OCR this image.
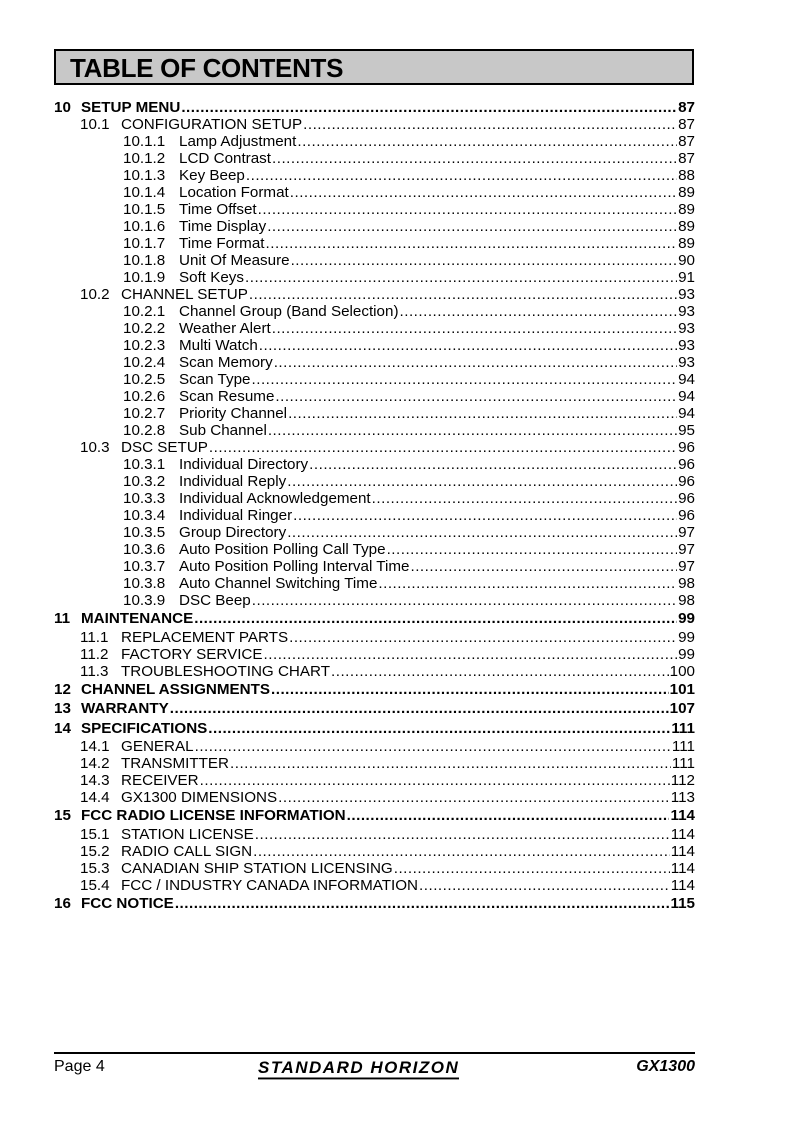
TABLE OF CONTENTS
10 SETUP MENU .....	87
10.1 CONFIGURATION SETUP .....	87
10.1.1 Lamp Adjustment .....	87
10.1.2 LCD Contrast .....	87
10.1.3 Key Beep .....	88
10.1.4 Location Format .....	89
10.1.5 Time Offset .....	89
10.1.6 Time Display .....	89
10.1.7 Time Format .....	89
10.1.8 Unit Of Measure .....	90
10.1.9 Soft Keys .....	91
10.2 CHANNEL SETUP .....	93
10.2.1 Channel Group (Band Selection) .....	93
10.2.2 Weather Alert .....	93
10.2.3 Multi Watch .....	93
10.2.4 Scan Memory .....	93
10.2.5 Scan Type .....	94
10.2.6 Scan Resume .....	94
10.2.7 Priority Channel .....	94
10.2.8 Sub Channel .....	95
10.3 DSC SETUP .....	96
10.3.1 Individual Directory .....	96
10.3.2 Individual Reply .....	96
10.3.3 Individual Acknowledgement .....	96
10.3.4 Individual Ringer .....	96
10.3.5 Group Directory .....	97
10.3.6 Auto Position Polling Call Type .....	97
10.3.7 Auto Position Polling Interval Time .....	97
10.3.8 Auto Channel Switching Time .....	98
10.3.9 DSC Beep .....	98
11 MAINTENANCE .....	99
11.1 REPLACEMENT PARTS .....	99
11.2 FACTORY SERVICE .....	99
11.3 TROUBLESHOOTING CHART .....	100
12 CHANNEL ASSIGNMENTS .....	101
13 WARRANTY .....	107
14 SPECIFICATIONS .....	111
14.1 GENERAL .....	111
14.2 TRANSMITTER .....	111
14.3 RECEIVER .....	112
14.4 GX1300 DIMENSIONS .....	113
15 FCC RADIO LICENSE INFORMATION .....	114
15.1 STATION LICENSE .....	114
15.2 RADIO CALL SIGN .....	114
15.3 CANADIAN SHIP STATION LICENSING .....	114
15.4 FCC / INDUSTRY CANADA INFORMATION .....	114
16 FCC NOTICE .....	115
Page 4	STANDARD HORIZON	GX1300
